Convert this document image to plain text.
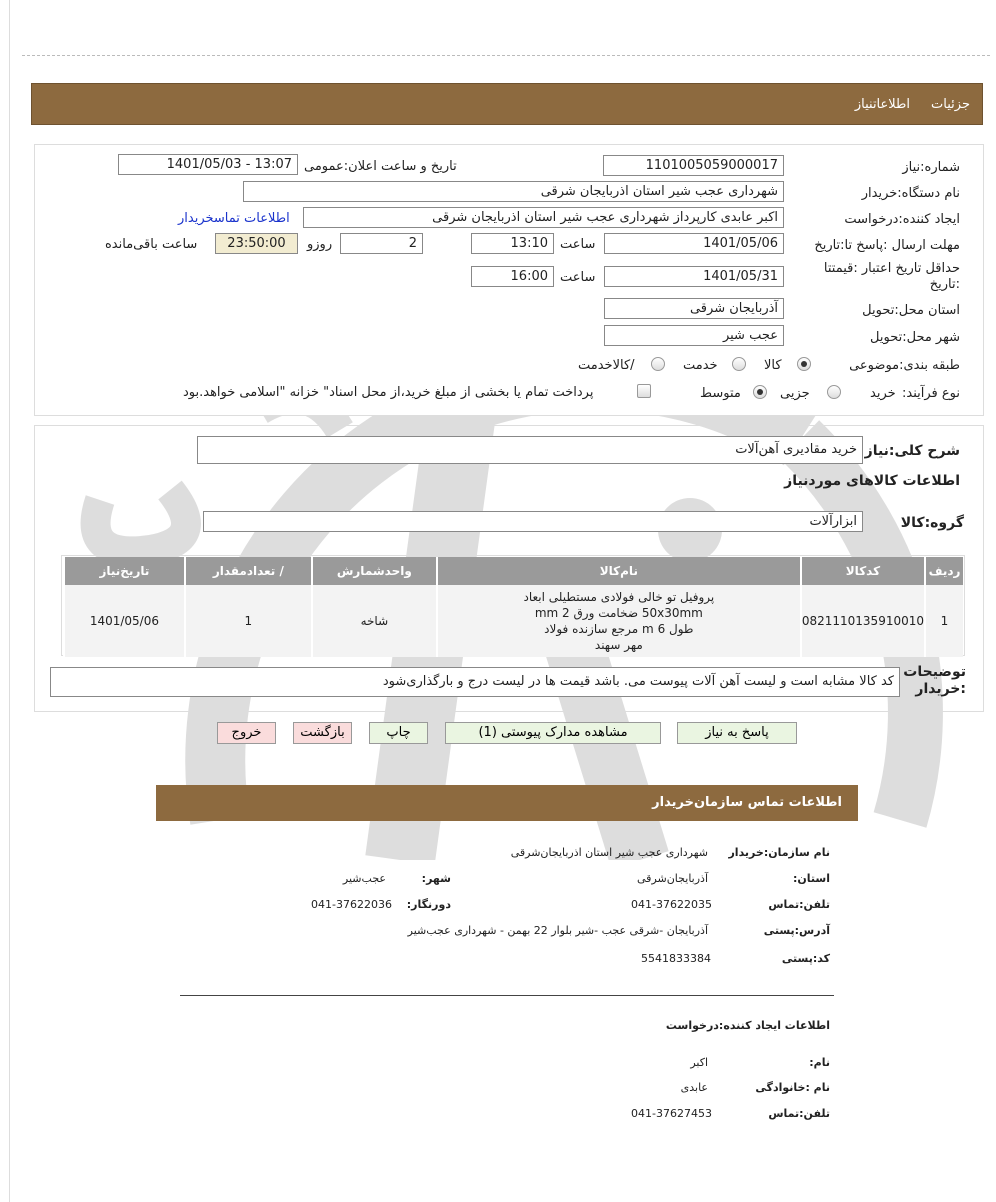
جزئیات
اطلاعاتنیاز
شماره:نیاز
1101005059000017
تاریخ و ساعت اعلان:عمومی
1401/05/03 - 13:07
نام دستگاه:خریدار
شهرداری عجب شیر استان اذربایجان شرقی
ایجاد کننده:درخواست
اکبر عابدی کارپرداز شهرداری عجب شیر استان اذربایجان شرقی
اطلاعات تماسخریدار
مهلت ارسال :پاسخ تا:تاریخ
1401/05/06
ساعت
13:10
2
روزو
23:50:00
ساعت باقی‌مانده
حداقل تاریخ اعتبار :قیمتتا :تاریخ
1401/05/31
ساعت
16:00
استان محل:تحویل
آذربایجان شرقی
شهر محل:تحویل
عجب شیر
طبقه بندی:موضوعی
کالا
خدمت
/کالاخدمت
نوع فرآیند:
خرید
جزیی
متوسط
پرداخت تمام یا بخشی از مبلغ خرید،از محل اسناد" خزانه "اسلامی خواهد.بود
شرح کلی:نیاز
خرید مقادیری آهن‌آلات
اطلاعات کالاهای موردنیاز
گروه:کالا
ابزارآلات
ردیف	کدکالا	نام‌کالا	واحدشمارش	/ تعدادمقدار	تاریخ‌نیاز
1	0821110135910010	پروفیل تو خالی فولادی مستطیلی ابعاد
50x30mm ضخامت ورق 2 mm
طول 6 m مرجع سازنده فولاد
مهر سهند	شاخه	1	1401/05/06
توضیحات :خریدار
کد کالا مشابه است و لیست آهن آلات پیوست می. باشد قیمت ها در لیست درج و بارگذاری‌شود
پاسخ به نیاز
مشاهده مدارک پیوستی (1)
چاپ
بازگشت
خروج
اطلاعات تماس سازمان‌خریدار
نام سازمان:خریدار
شهرداری عجب شیر استان اذربایجان‌شرقی
استان:
آذربایجان‌شرقی
شهر:
عجب‌شیر
تلفن:تماس
041-37622035
دورنگار:
041-37622036
آدرس:پستی
آذربایجان -شرقی عجب -شیر بلوار 22 بهمن - شهرداری عجب‌شیر
کد:پستی
5541833384
اطلاعات ایجاد کننده:درخواست
نام:
اکبر
نام :خانوادگی
عابدی
تلفن:تماس
041-37627453
